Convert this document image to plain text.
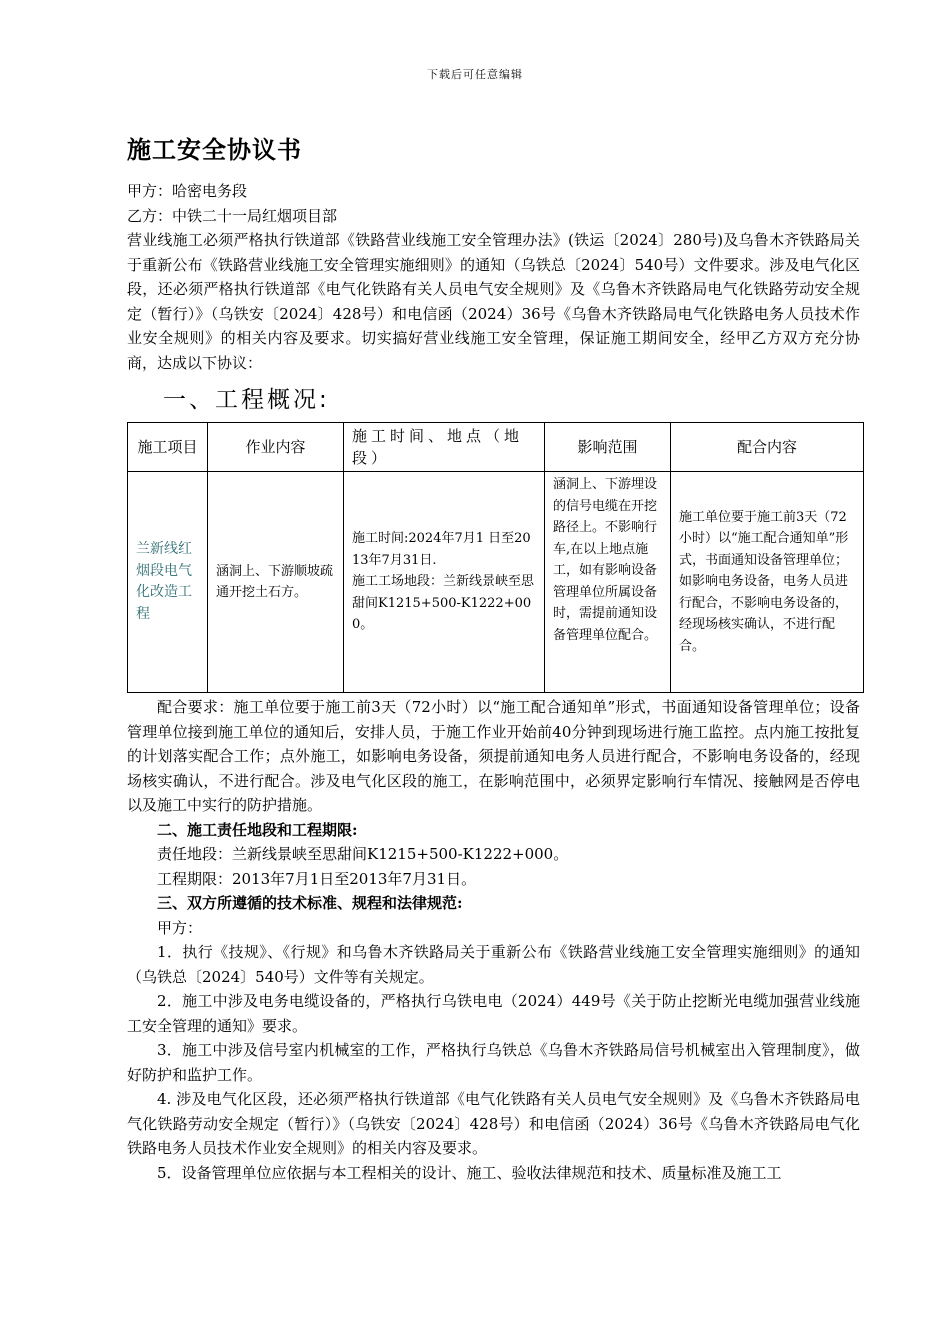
下载后可任意编辑
施工安全协议书

甲方：哈密电务段

乙方：中铁二十一局红烟项目部

营业线施工必须严格执行铁道部《铁路营业线施工安全管理办法》(铁运〔2024〕280号)及乌鲁木齐铁路局关于重新公布《铁路营业线施工安全管理实施细则》的通知（乌铁总〔2024〕540号）文件要求。涉及电气化区段，还必须严格执行铁道部《电气化铁路有关人员电气安全规则》及《乌鲁木齐铁路局电气化铁路劳动安全规定（暂行）》（乌铁安〔2024〕428号）和电信函（2024）36号《乌鲁木齐铁路局电气化铁路电务人员技术作业安全规则》的相关内容及要求。切实搞好营业线施工安全管理，保证施工期间安全，经甲乙方双方充分协商，达成以下协议：

一、工程概况:
施工项目	作业内容	施工时间、地点（地段）	影响范围	配合内容
兰新线红烟段电气化改造工程	涵洞上、下游顺坡疏通开挖土石方。	施工时间:2024年7月1 日至2013年7月31日.
施工工场地段：兰新线景峡至思甜间K1215+500-K1222+000。	涵洞上、下游埋设的信号电缆在开挖路径上。不影响行车,在以上地点施工，如有影响设备管理单位所属设备时，需提前通知设备管理单位配合。	施工单位要于施工前3天（72小时）以“施工配合通知单”形式，书面通知设备管理单位；如影响电务设备，电务人员进行配合，不影响电务设备的，经现场核实确认，不进行配合。

配合要求：施工单位要于施工前3天（72小时）以“施工配合通知单”形式，书面通知设备管理单位；设备管理单位接到施工单位的通知后，安排人员，于施工作业开始前40分钟到现场进行施工监控。点内施工按批复的计划落实配合工作；点外施工，如影响电务设备，须提前通知电务人员进行配合，不影响电务设备的，经现场核实确认，不进行配合。涉及电气化区段的施工，在影响范围中，必须界定影响行车情况、接触网是否停电以及施工中实行的防护措施。

二、施工责任地段和工程期限:

责任地段：兰新线景峡至思甜间K1215+500-K1222+000。

工程期限：2013年7月1日至2013年7月31日。

三、双方所遵循的技术标准、规程和法律规范:

甲方：

1．执行《技规》、《行规》和乌鲁木齐铁路局关于重新公布《铁路营业线施工安全管理实施细则》的通知（乌铁总〔2024〕540号）文件等有关规定。

2．施工中涉及电务电缆设备的，严格执行乌铁电电（2024）449号《关于防止挖断光电缆加强营业线施工安全管理的通知》要求。

3．施工中涉及信号室内机械室的工作，严格执行乌铁总《乌鲁木齐铁路局信号机械室出入管理制度》，做好防护和监护工作。

4. 涉及电气化区段，还必须严格执行铁道部《电气化铁路有关人员电气安全规则》及《乌鲁木齐铁路局电气化铁路劳动安全规定（暂行）》（乌铁安〔2024〕428号）和电信函（2024）36号《乌鲁木齐铁路局电气化铁路电务人员技术作业安全规则》的相关内容及要求。

5．设备管理单位应依据与本工程相关的设计、施工、验收法律规范和技术、质量标准及施工工
